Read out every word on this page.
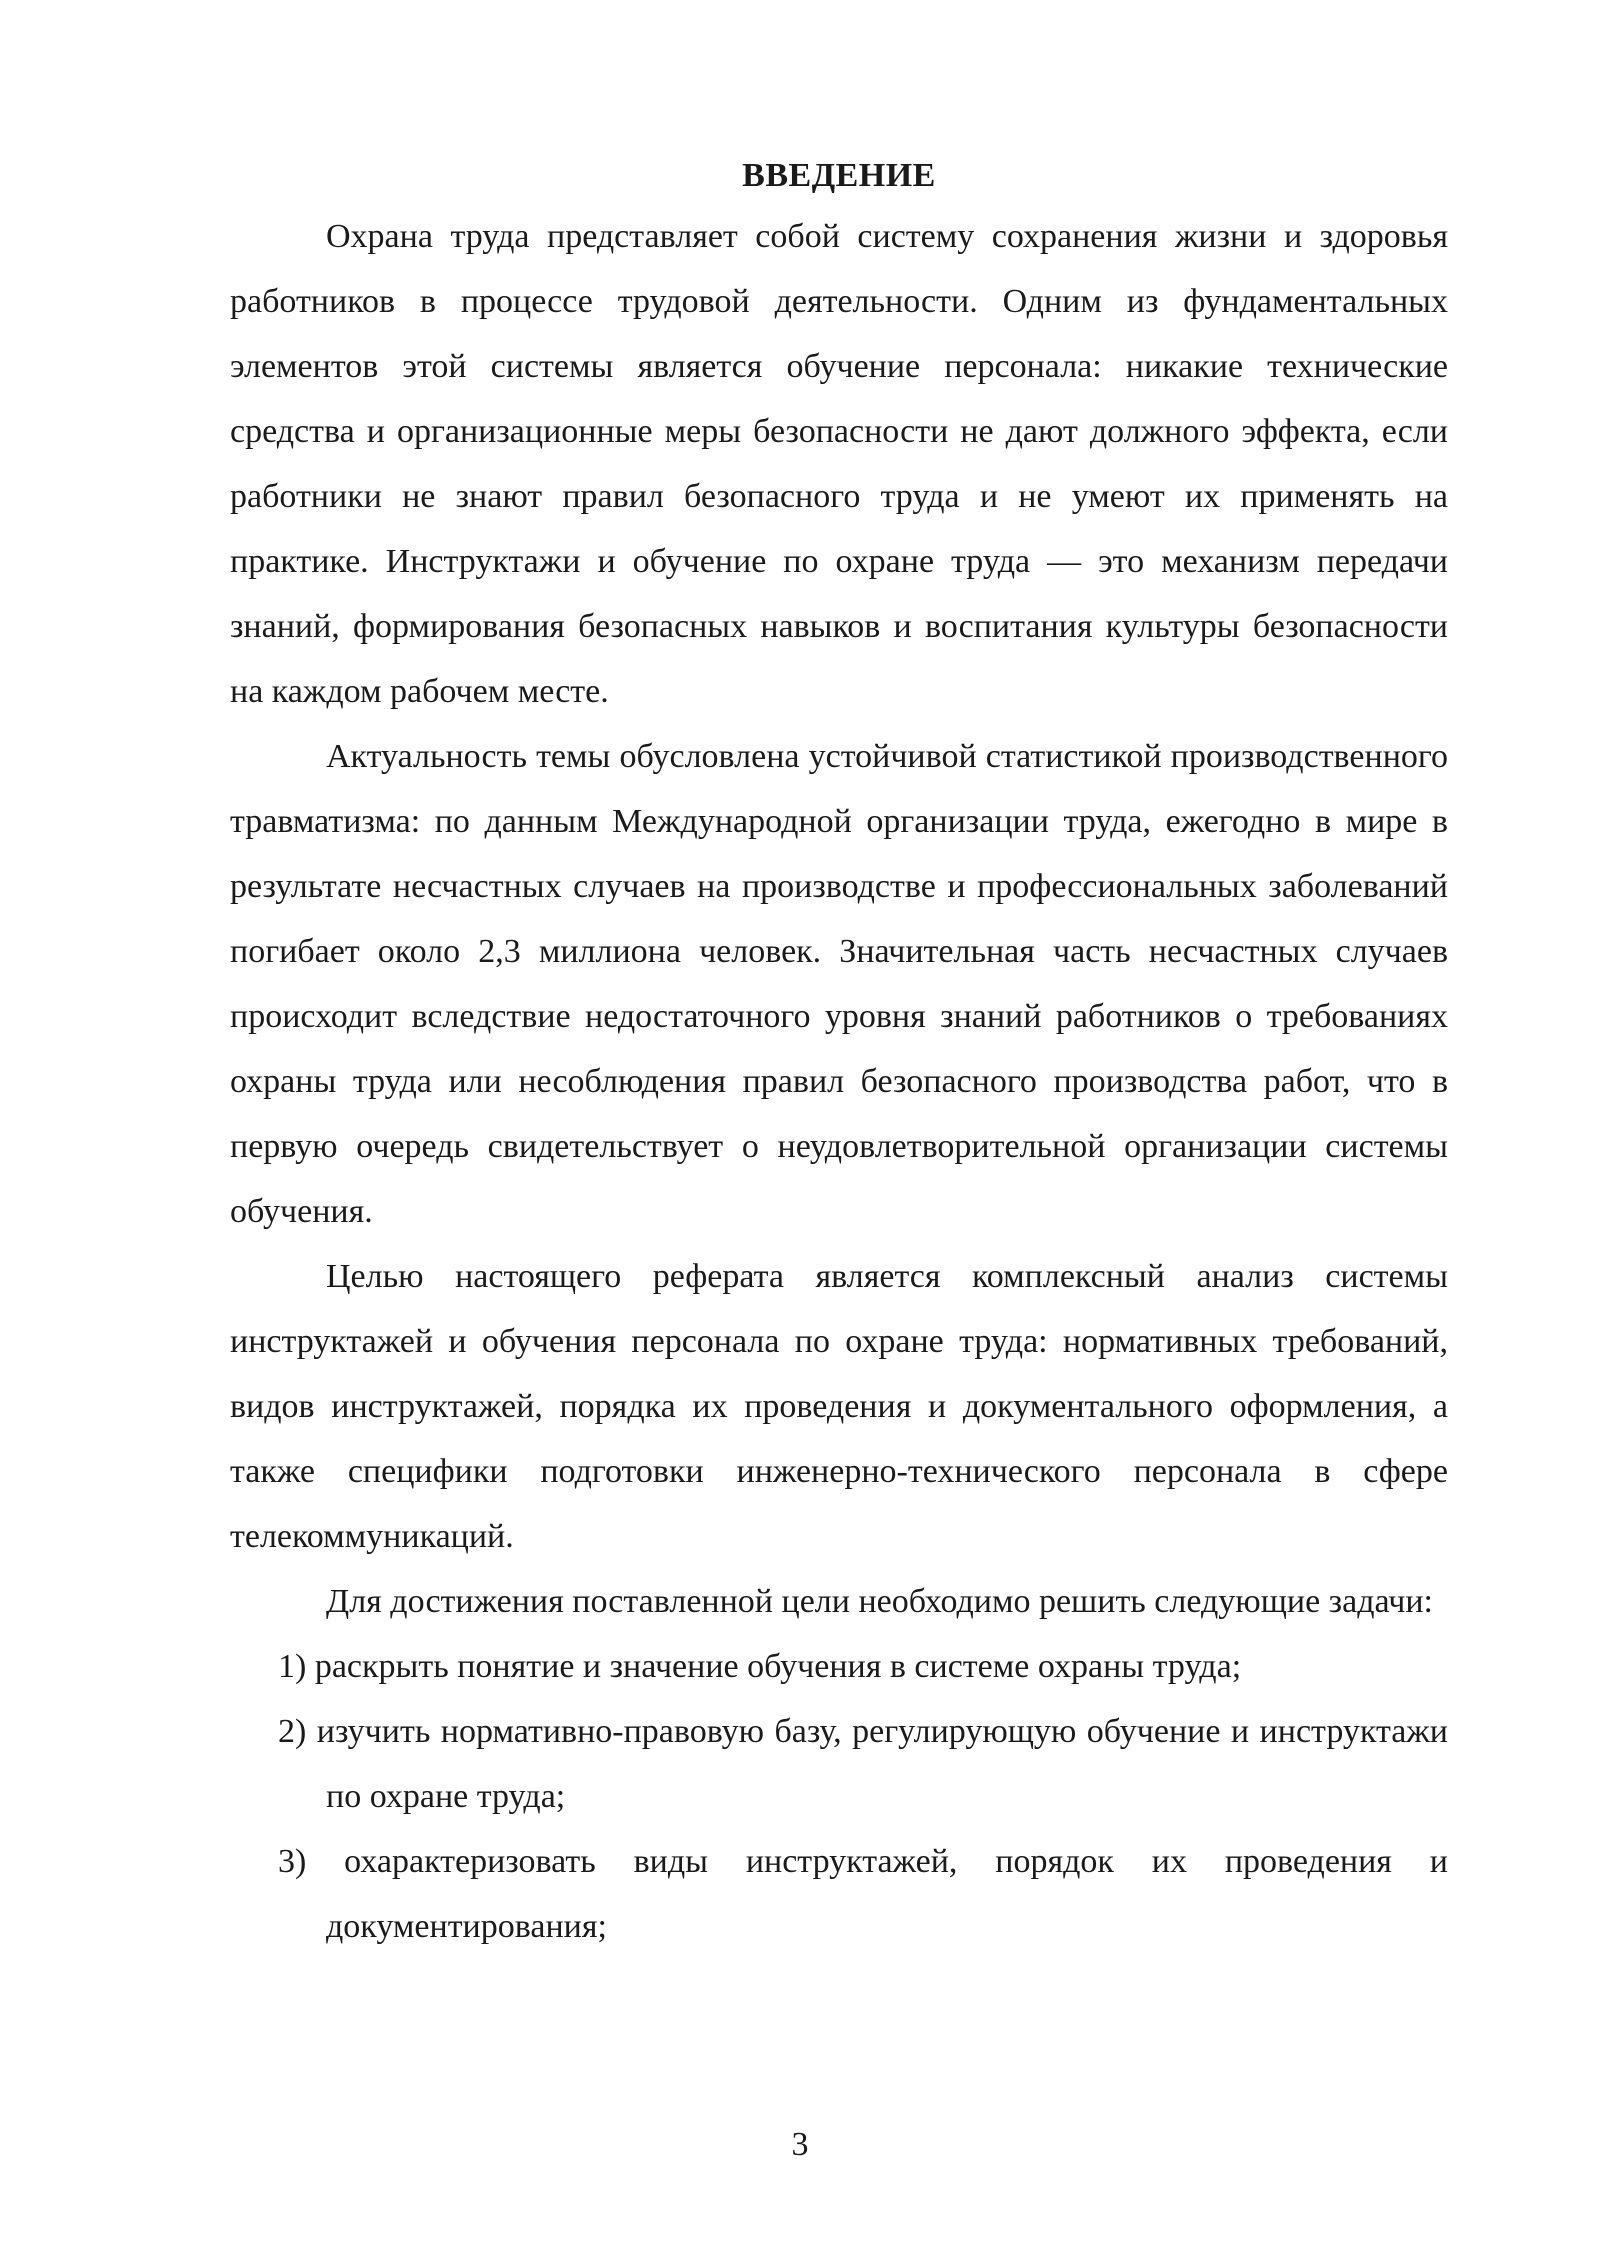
ВВЕДЕНИЕ

Охрана труда представляет собой систему сохранения жизни и здоровья работников в процессе трудовой деятельности. Одним из фундаментальных элементов этой системы является обучение персонала: никакие технические средства и организационные меры безопасности не дают должного эффекта, если работники не знают правил безопасного труда и не умеют их применять на практике. Инструктажи и обучение по охране труда — это механизм передачи знаний, формирования безопасных навыков и воспитания культуры безопасности на каждом рабочем месте.

Актуальность темы обусловлена устойчивой статистикой производственного травматизма: по данным Международной организации труда, ежегодно в мире в результате несчастных случаев на производстве и профессиональных заболеваний погибает около 2,3 миллиона человек. Значительная часть несчастных случаев происходит вследствие недостаточного уровня знаний работников о требованиях охраны труда или несоблюдения правил безопасного производства работ, что в первую очередь свидетельствует о неудовлетворительной организации системы обучения.

Целью настоящего реферата является комплексный анализ системы инструктажей и обучения персонала по охране труда: нормативных требований, видов инструктажей, порядка их проведения и документального оформления, а также специфики подготовки инженерно-технического персонала в сфере телекоммуникаций.

Для достижения поставленной цели необходимо решить следующие задачи:

1) раскрыть понятие и значение обучения в системе охраны труда;

2) изучить нормативно-правовую базу, регулирующую обучение и инструктажи по охране труда;

3) охарактеризовать виды инструктажей, порядок их проведения и документирования;

3
